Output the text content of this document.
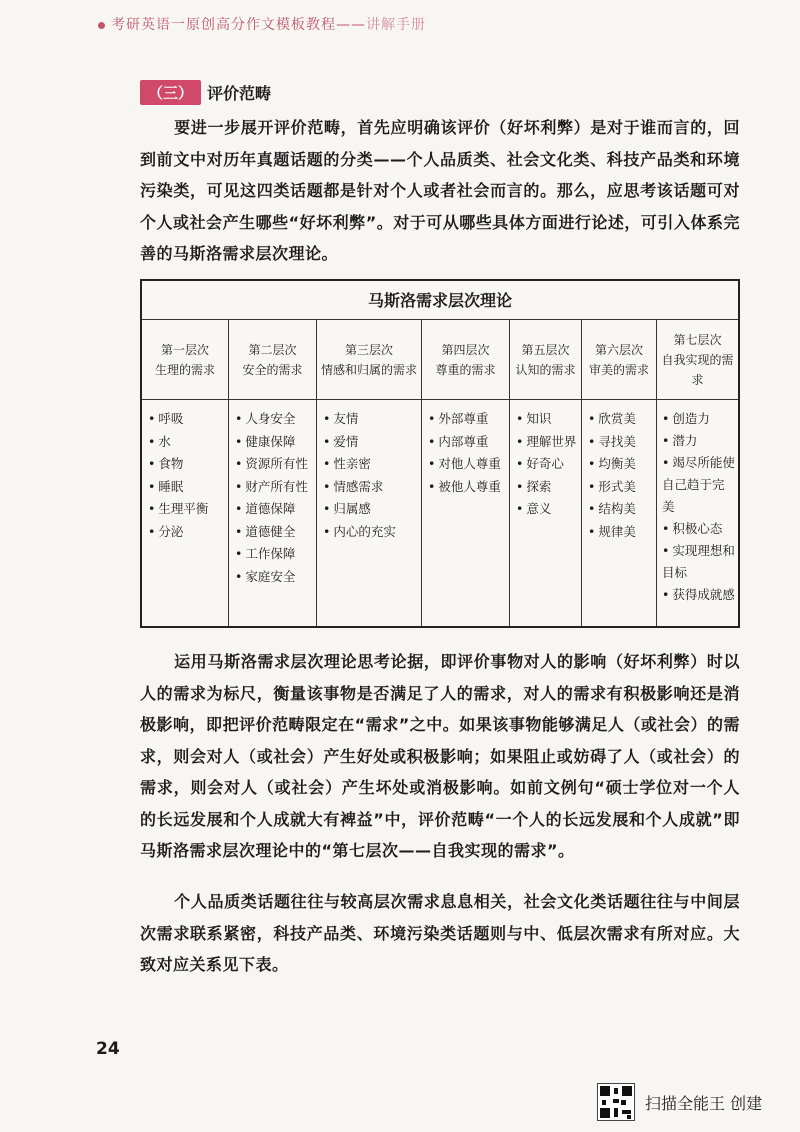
考研英语一原创高分作文模板教程——讲解手册
（三） 评价范畴
要进一步展开评价范畴，首先应明确该评价（好坏利弊）是对于谁而言的，回到前文中对历年真题话题的分类——个人品质类、社会文化类、科技产品类和环境污染类，可见这四类话题都是针对个人或者社会而言的。那么，应思考该话题可对个人或社会产生哪些“好坏利弊”。对于可从哪些具体方面进行论述，可引入体系完善的马斯洛需求层次理论。
马斯洛需求层次理论
第一层次
生理的需求
• 呼吸
• 水
• 食物
• 睡眠
• 生理平衡
• 分泌
第二层次
安全的需求
• 人身安全
• 健康保障
• 资源所有性
• 财产所有性
• 道德保障
• 道德健全
• 工作保障
• 家庭安全
第三层次
情感和归属的需求
• 友情
• 爱情
• 性亲密
• 情感需求
• 归属感
• 内心的充实
第四层次
尊重的需求
• 外部尊重
• 内部尊重
• 对他人尊重
• 被他人尊重
第五层次
认知的需求
• 知识
• 理解世界
• 好奇心
• 探索
• 意义
第六层次
审美的需求
• 欣赏美
• 寻找美
• 均衡美
• 形式美
• 结构美
• 规律美
第七层次
自我实现的需求
• 创造力
• 潜力
• 竭尽所能使自己趋于完美
• 积极心态
• 实现理想和目标
• 获得成就感
运用马斯洛需求层次理论思考论据，即评价事物对人的影响（好坏利弊）时以人的需求为标尺，衡量该事物是否满足了人的需求，对人的需求有积极影响还是消极影响，即把评价范畴限定在“需求”之中。如果该事物能够满足人（或社会）的需求，则会对人（或社会）产生好处或积极影响；如果阻止或妨碍了人（或社会）的需求，则会对人（或社会）产生坏处或消极影响。如前文例句“硕士学位对一个人的长远发展和个人成就大有裨益”中，评价范畴“一个人的长远发展和个人成就”即马斯洛需求层次理论中的“第七层次——自我实现的需求”。
个人品质类话题往往与较高层次需求息息相关，社会文化类话题往往与中间层次需求联系紧密，科技产品类、环境污染类话题则与中、低层次需求有所对应。大致对应关系见下表。
24
扫描全能王 创建
